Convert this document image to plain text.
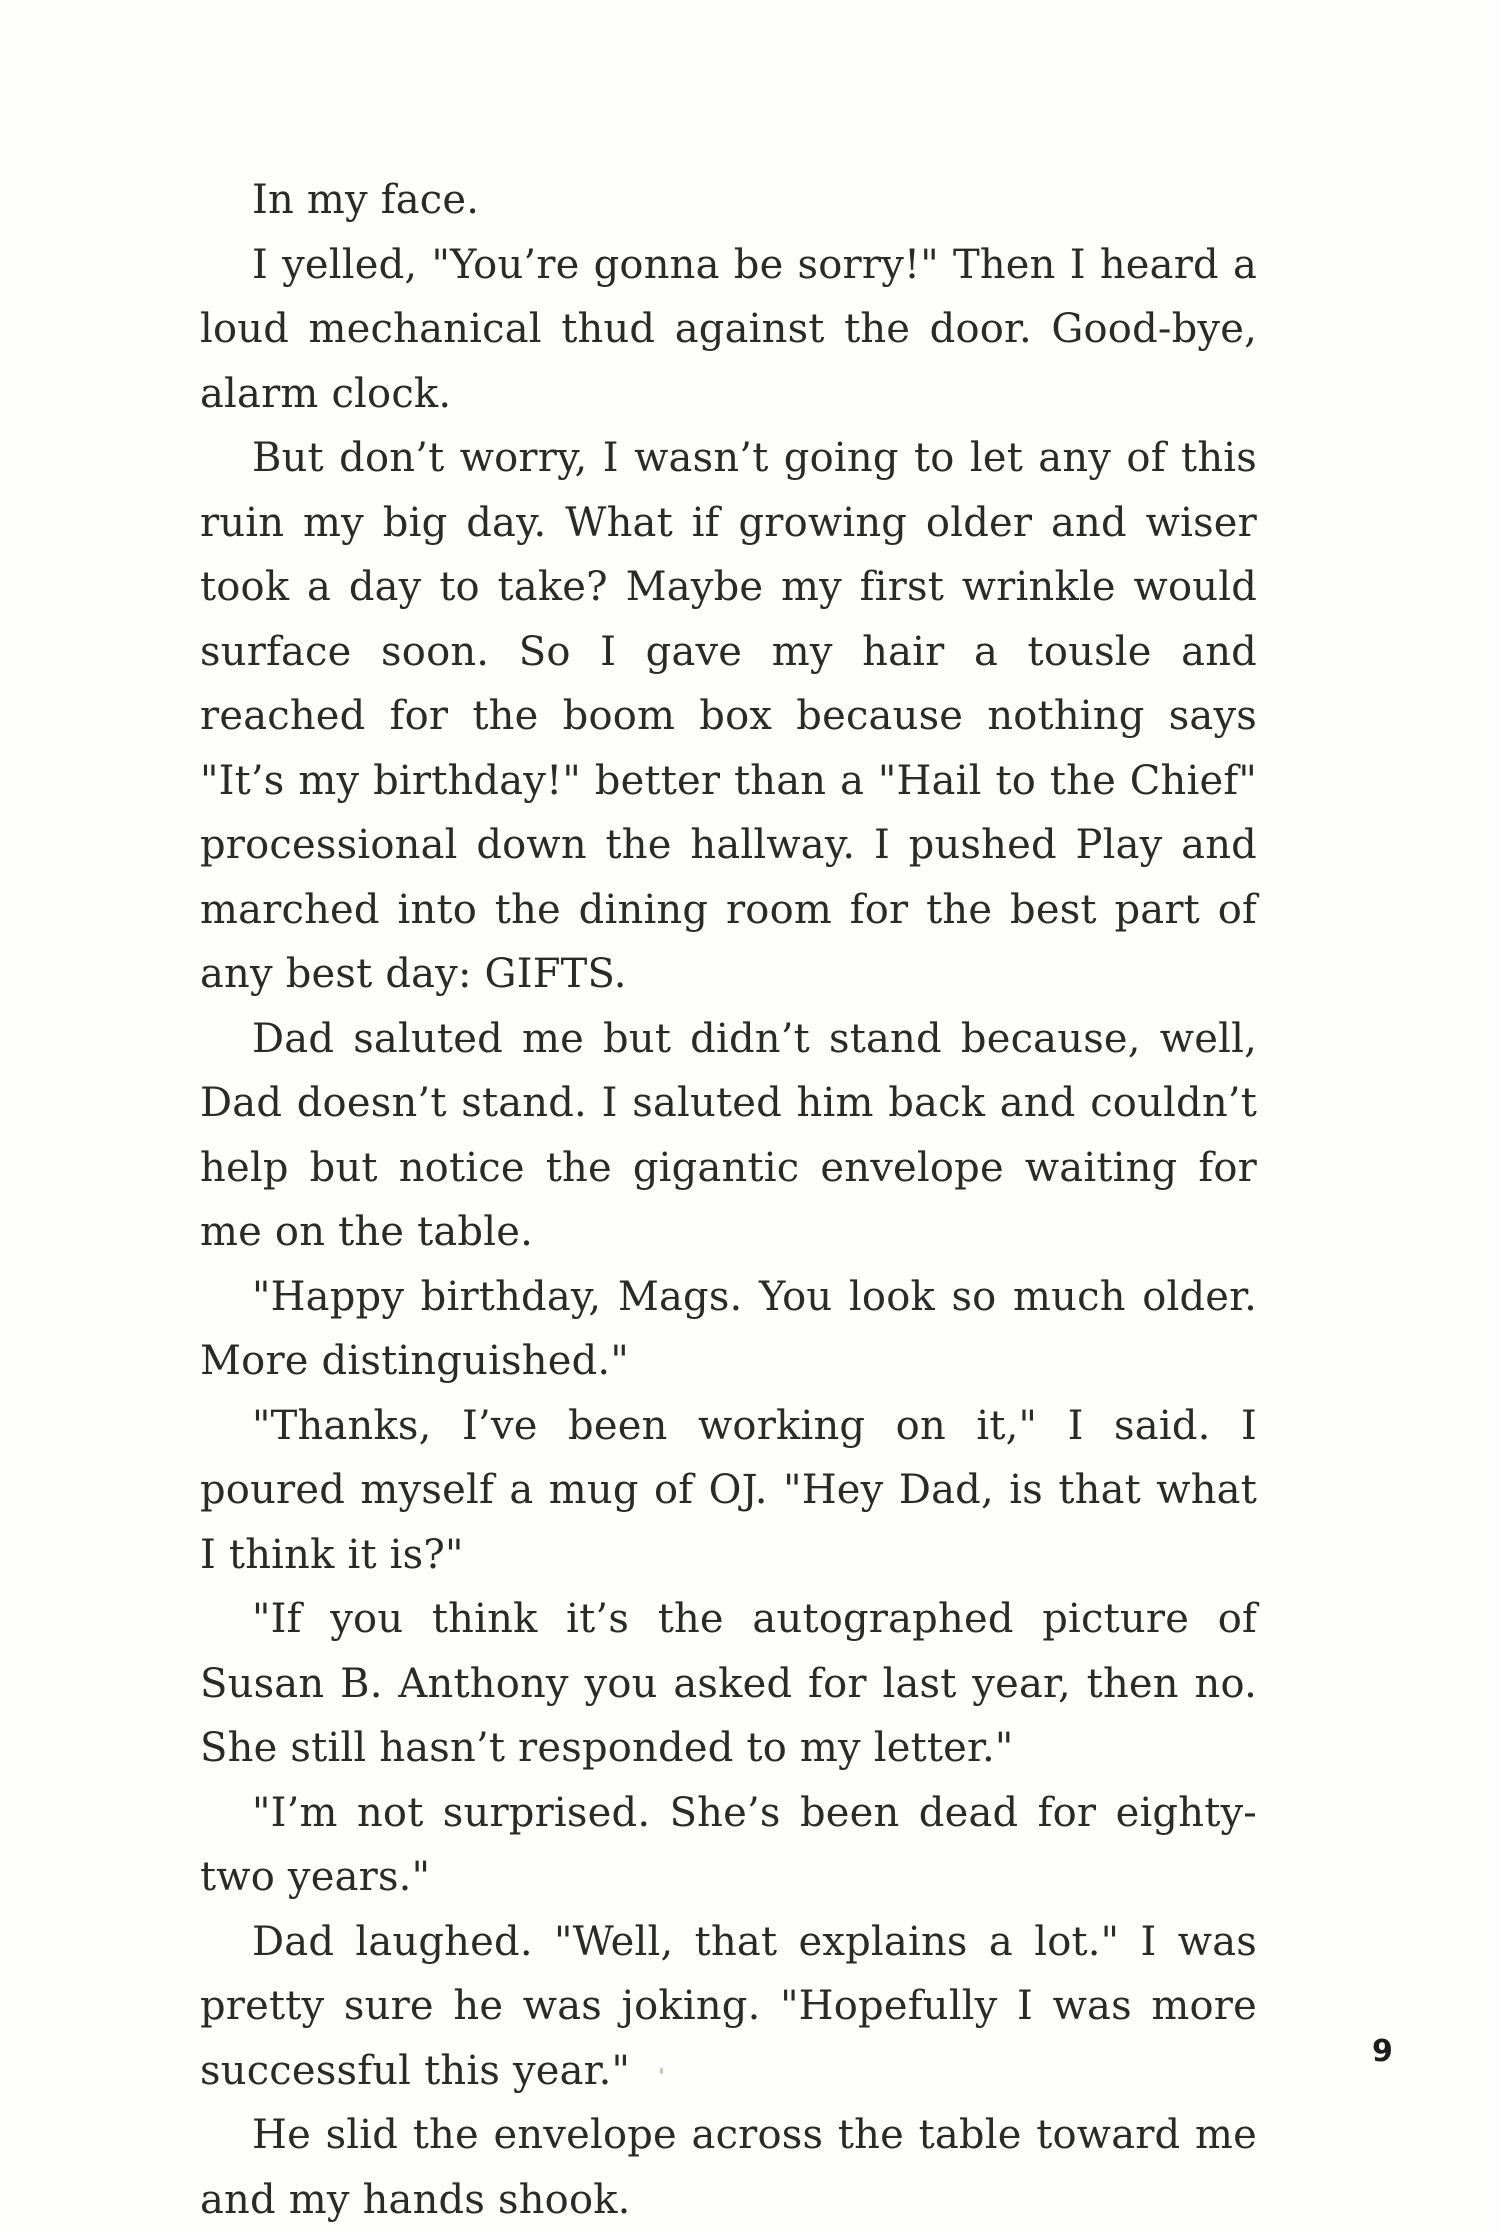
In my face.

I yelled, "You’re gonna be sorry!" Then I heard a loud mechanical thud against the door. Good-bye, alarm clock.

But don’t worry, I wasn’t going to let any of this ruin my big day. What if growing older and wiser took a day to take? Maybe my first wrinkle would surface soon. So I gave my hair a tousle and reached for the boom box because nothing says "It’s my birthday!" better than a "Hail to the Chief" processional down the hallway. I pushed Play and marched into the dining room for the best part of any best day: GIFTS.

Dad saluted me but didn’t stand because, well, Dad doesn’t stand. I saluted him back and couldn’t help but notice the gigantic envelope waiting for me on the table.

"Happy birthday, Mags. You look so much older. More distinguished."

"Thanks, I’ve been working on it," I said. I poured myself a mug of OJ. "Hey Dad, is that what I think it is?"

"If you think it’s the autographed picture of Susan B. Anthony you asked for last year, then no. She still hasn’t responded to my letter."

"I’m not surprised. She’s been dead for eighty-two years."

Dad laughed. "Well, that explains a lot." I was pretty sure he was joking. "Hopefully I was more successful this year."

He slid the envelope across the table toward me and my hands shook.

9
